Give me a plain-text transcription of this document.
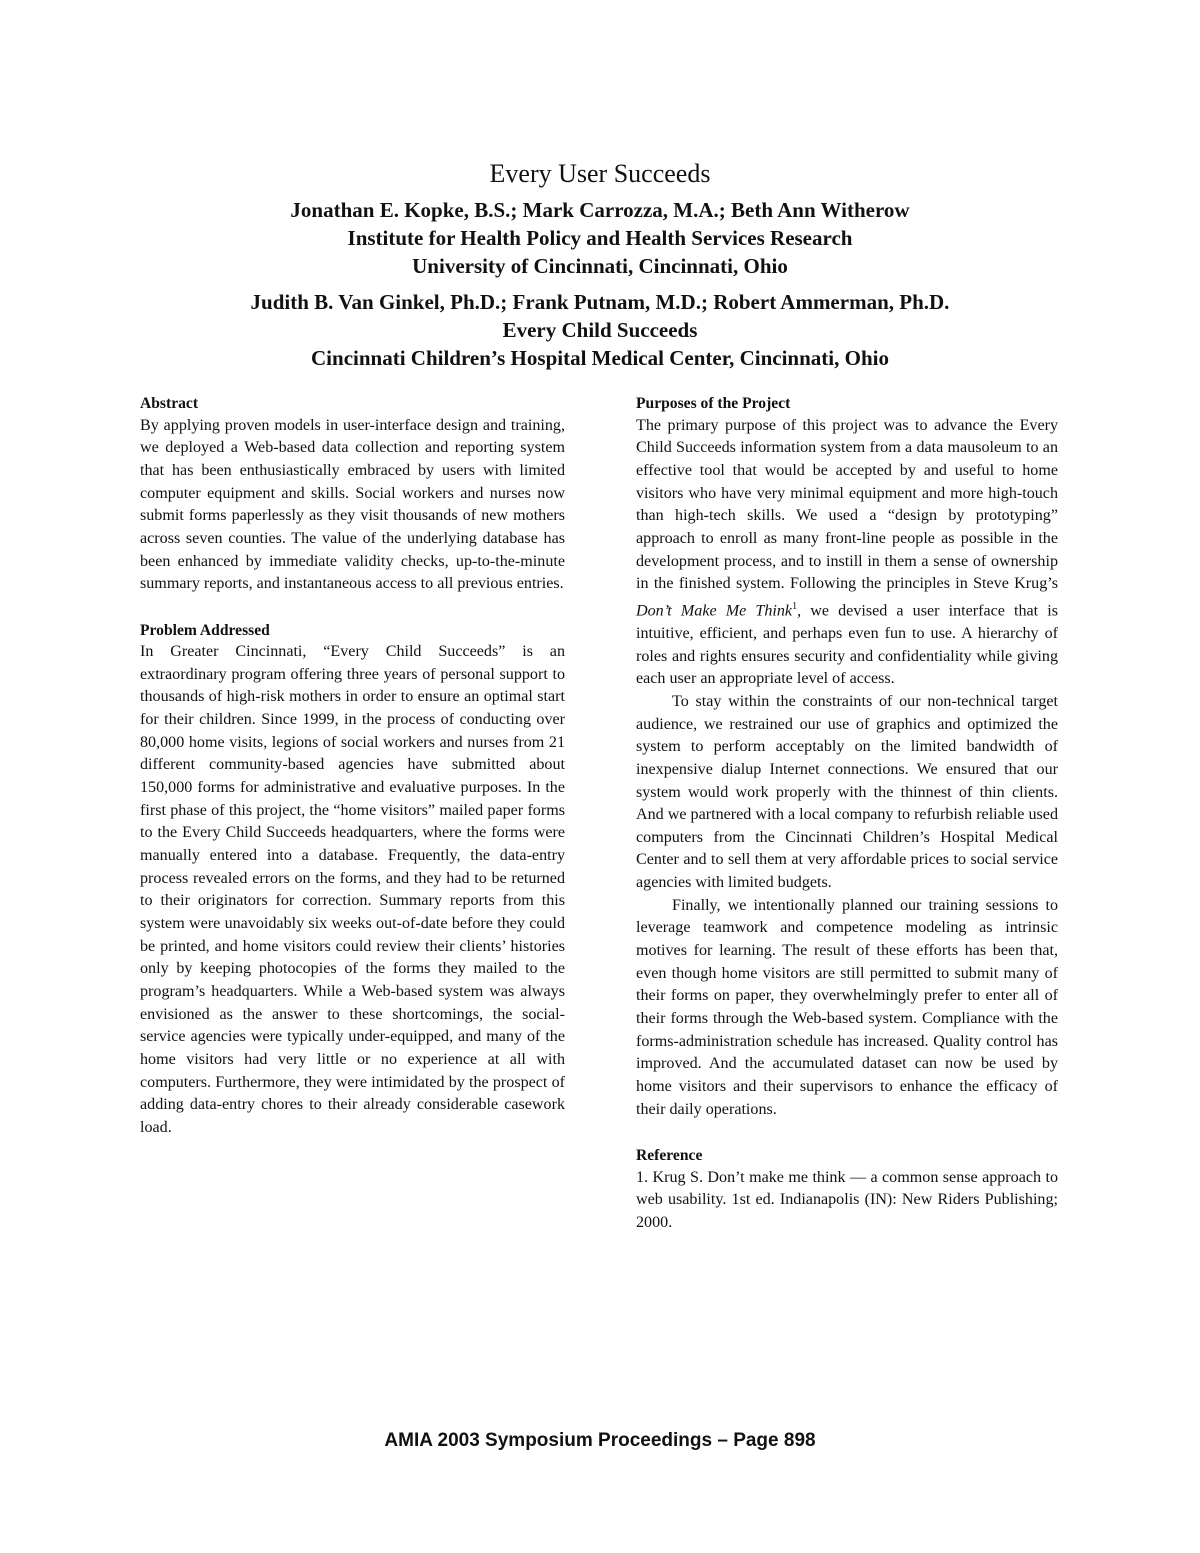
Every User Succeeds
Jonathan E. Kopke, B.S.; Mark Carrozza, M.A.; Beth Ann Witherow
Institute for Health Policy and Health Services Research
University of Cincinnati, Cincinnati, Ohio
Judith B. Van Ginkel, Ph.D.; Frank Putnam, M.D.; Robert Ammerman, Ph.D.
Every Child Succeeds
Cincinnati Children’s Hospital Medical Center, Cincinnati, Ohio
Abstract

By applying proven models in user-interface design and training, we deployed a Web-based data collection and reporting system that has been enthusiastically embraced by users with limited computer equipment and skills. Social workers and nurses now submit forms paperlessly as they visit thousands of new mothers across seven counties. The value of the underlying database has been enhanced by immediate validity checks, up-to-the-minute summary reports, and instantaneous access to all previous entries.

Problem Addressed

In Greater Cincinnati, “Every Child Succeeds” is an extraordinary program offering three years of personal support to thousands of high-risk mothers in order to ensure an optimal start for their children. Since 1999, in the process of conducting over 80,000 home visits, legions of social workers and nurses from 21 different community-based agencies have submitted about 150,000 forms for administrative and evaluative purposes. In the first phase of this project, the “home visitors” mailed paper forms to the Every Child Succeeds headquarters, where the forms were manually entered into a database. Frequently, the data-entry process revealed errors on the forms, and they had to be returned to their originators for correction. Summary reports from this system were unavoidably six weeks out-of-date before they could be printed, and home visitors could review their clients’ histories only by keeping photocopies of the forms they mailed to the program’s headquarters. While a Web-based system was always envisioned as the answer to these shortcomings, the social-service agencies were typically under-equipped, and many of the home visitors had very little or no experience at all with computers. Furthermore, they were intimidated by the prospect of adding data-entry chores to their already considerable casework load.

Purposes of the Project

The primary purpose of this project was to advance the Every Child Succeeds information system from a data mausoleum to an effective tool that would be accepted by and useful to home visitors who have very minimal equipment and more high-touch than high-tech skills. We used a “design by prototyping” approach to enroll as many front-line people as possible in the development process, and to instill in them a sense of ownership in the finished system. Following the principles in Steve Krug’s Don’t Make Me Think$^1$, we devised a user interface that is intuitive, efficient, and perhaps even fun to use. A hierarchy of roles and rights ensures security and confidentiality while giving each user an appropriate level of access.

To stay within the constraints of our non-technical target audience, we restrained our use of graphics and optimized the system to perform acceptably on the limited bandwidth of inexpensive dialup Internet connections. We ensured that our system would work properly with the thinnest of thin clients. And we partnered with a local company to refurbish reliable used computers from the Cincinnati Children’s Hospital Medical Center and to sell them at very affordable prices to social service agencies with limited budgets.

Finally, we intentionally planned our training sessions to leverage teamwork and competence modeling as intrinsic motives for learning. The result of these efforts has been that, even though home visitors are still permitted to submit many of their forms on paper, they overwhelmingly prefer to enter all of their forms through the Web-based system. Compliance with the forms-administration schedule has increased. Quality control has improved. And the accumulated dataset can now be used by home visitors and their supervisors to enhance the efficacy of their daily operations.

Reference

1. Krug S. Don’t make me think — a common sense approach to web usability. 1st ed. Indianapolis (IN): New Riders Publishing; 2000.

AMIA 2003 Symposium Proceedings – Page 898
